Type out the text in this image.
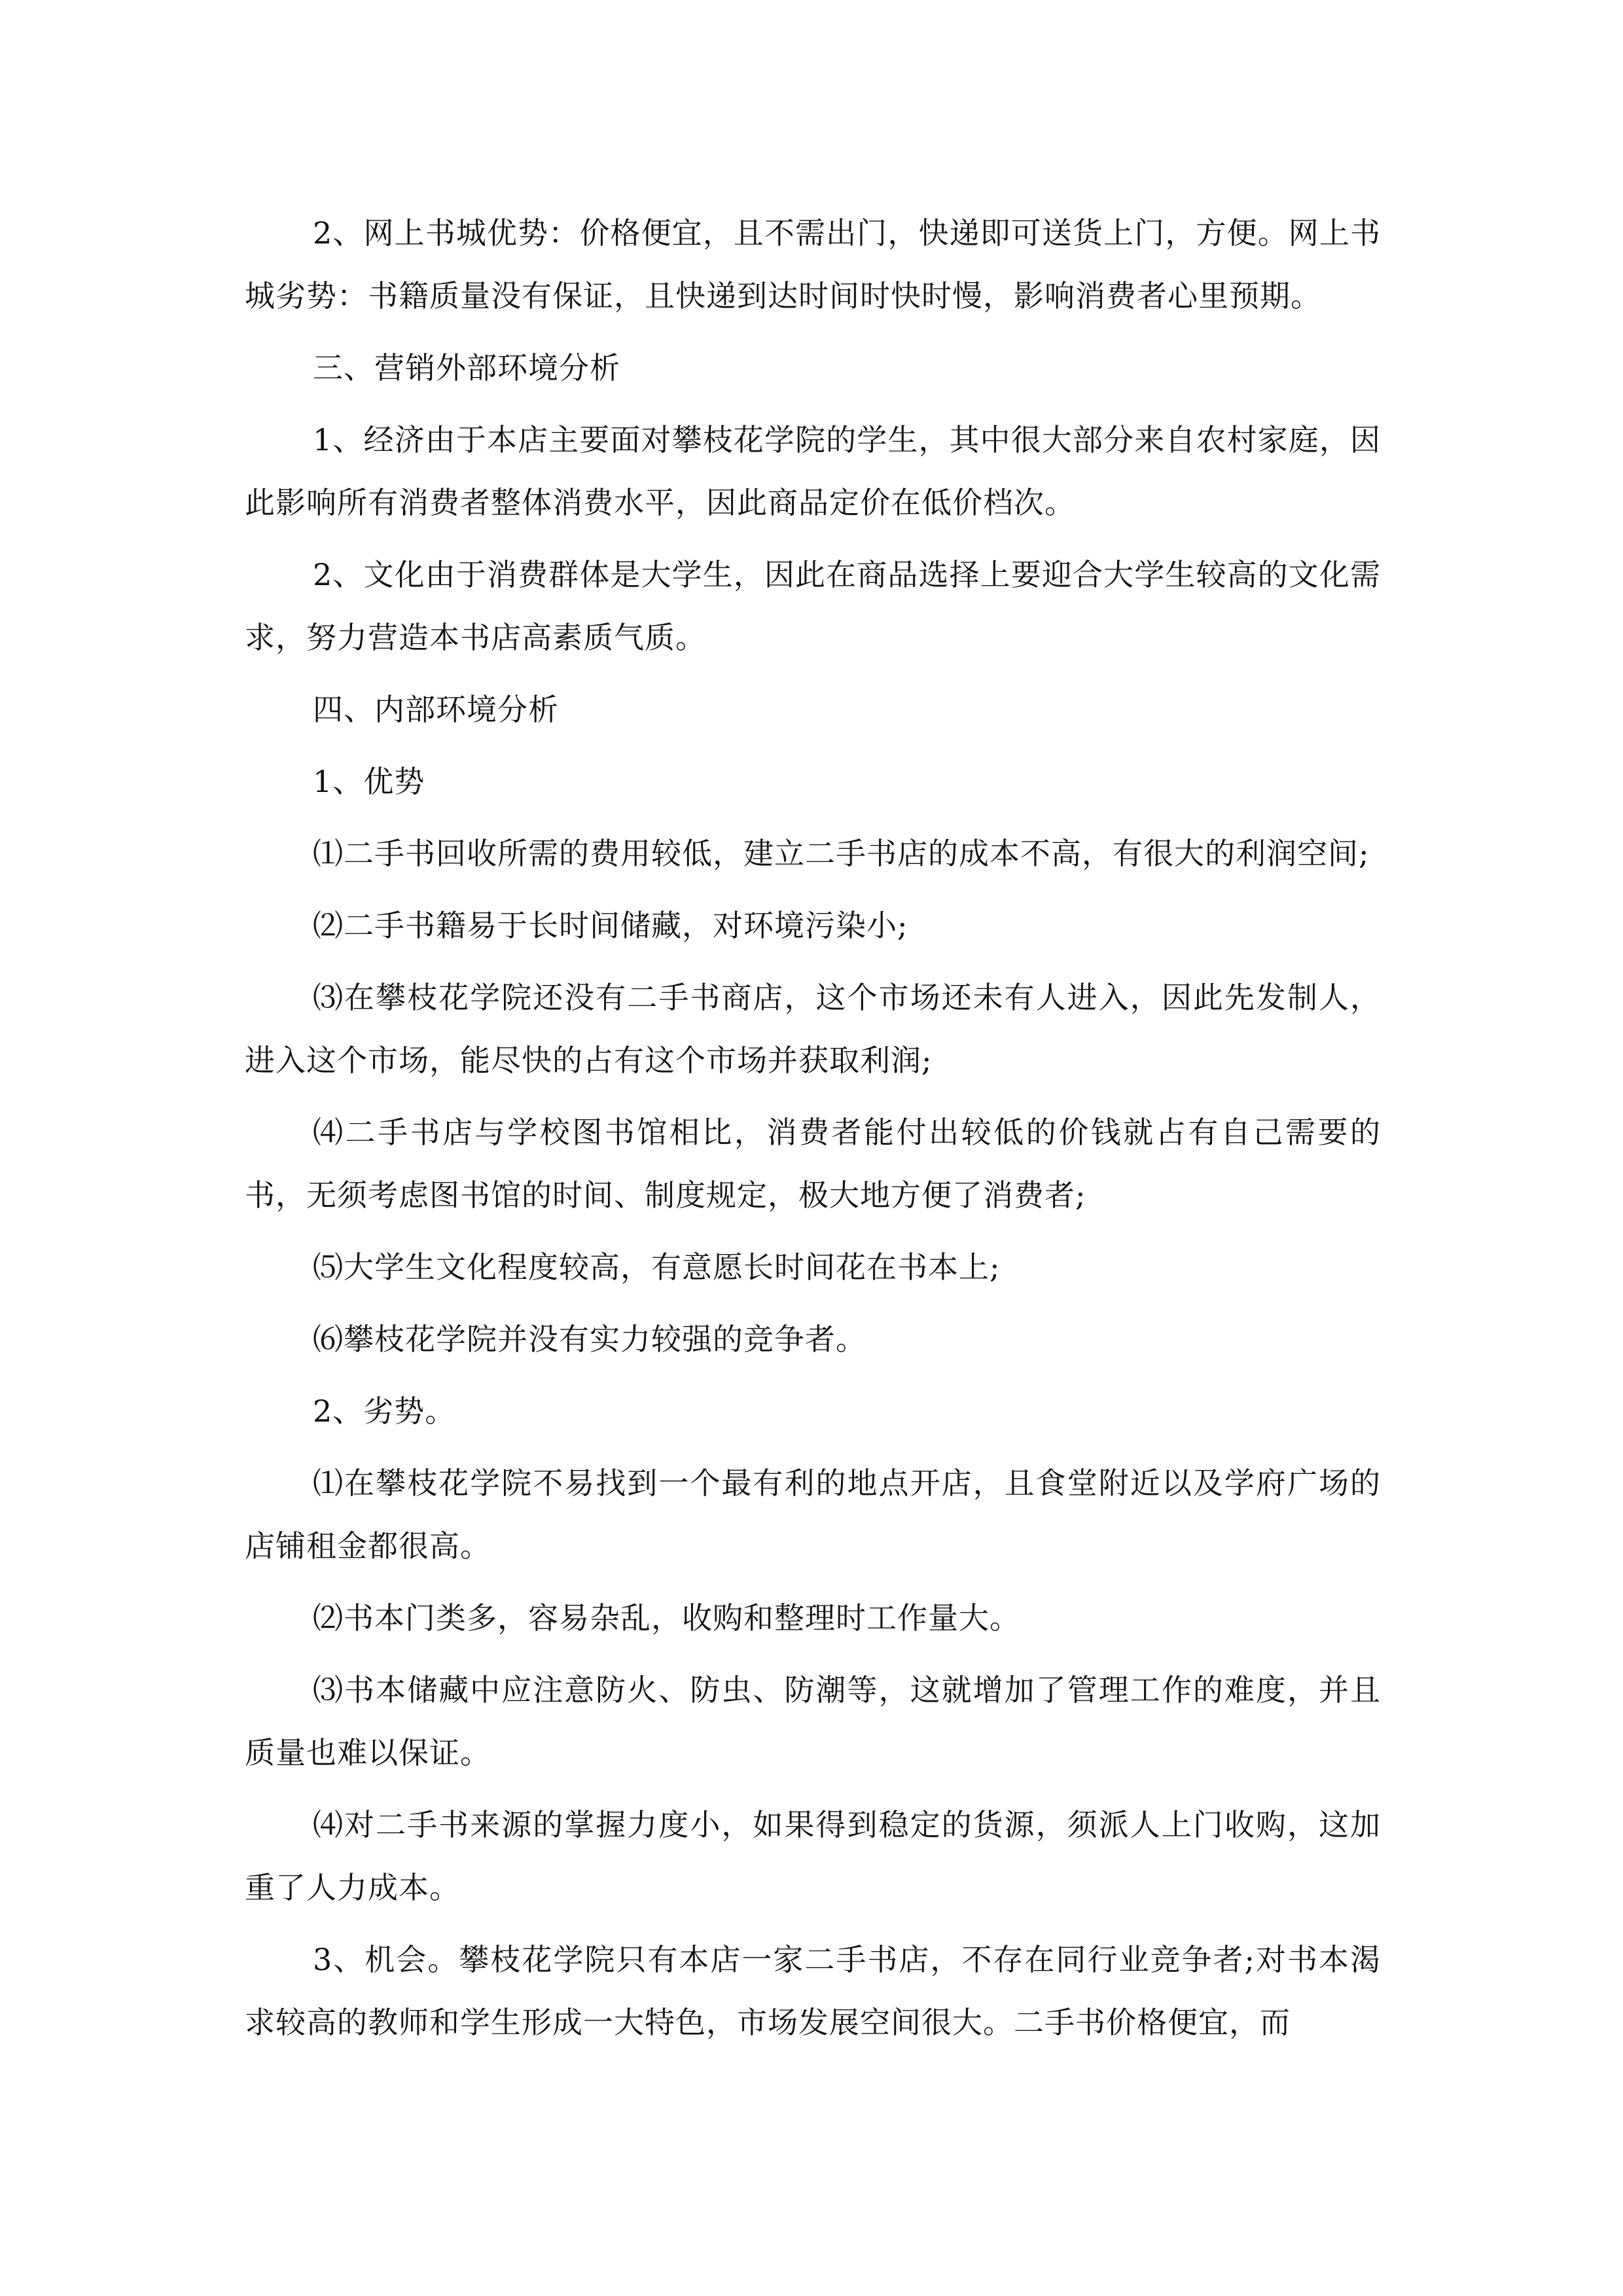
2、网上书城优势：价格便宜，且不需出门，快递即可送货上门，方便。网上书城劣势：书籍质量没有保证，且快递到达时间时快时慢，影响消费者心里预期。

三、营销外部环境分析

1、经济由于本店主要面对攀枝花学院的学生，其中很大部分来自农村家庭，因此影响所有消费者整体消费水平，因此商品定价在低价档次。

2、文化由于消费群体是大学生，因此在商品选择上要迎合大学生较高的文化需求，努力营造本书店高素质气质。

四、内部环境分析

1、优势

⑴二手书回收所需的费用较低，建立二手书店的成本不高，有很大的利润空间;

⑵二手书籍易于长时间储藏，对环境污染小;

⑶在攀枝花学院还没有二手书商店，这个市场还未有人进入，因此先发制人，进入这个市场，能尽快的占有这个市场并获取利润;

⑷二手书店与学校图书馆相比，消费者能付出较低的价钱就占有自己需要的书，无须考虑图书馆的时间、制度规定，极大地方便了消费者;

⑸大学生文化程度较高，有意愿长时间花在书本上;

⑹攀枝花学院并没有实力较强的竞争者。

2、劣势。

⑴在攀枝花学院不易找到一个最有利的地点开店，且食堂附近以及学府广场的店铺租金都很高。

⑵书本门类多，容易杂乱，收购和整理时工作量大。

⑶书本储藏中应注意防火、防虫、防潮等，这就增加了管理工作的难度，并且质量也难以保证。

⑷对二手书来源的掌握力度小，如果得到稳定的货源，须派人上门收购，这加重了人力成本。

3、机会。攀枝花学院只有本店一家二手书店，不存在同行业竞争者;对书本渴求较高的教师和学生形成一大特色，市场发展空间很大。二手书价格便宜，而
